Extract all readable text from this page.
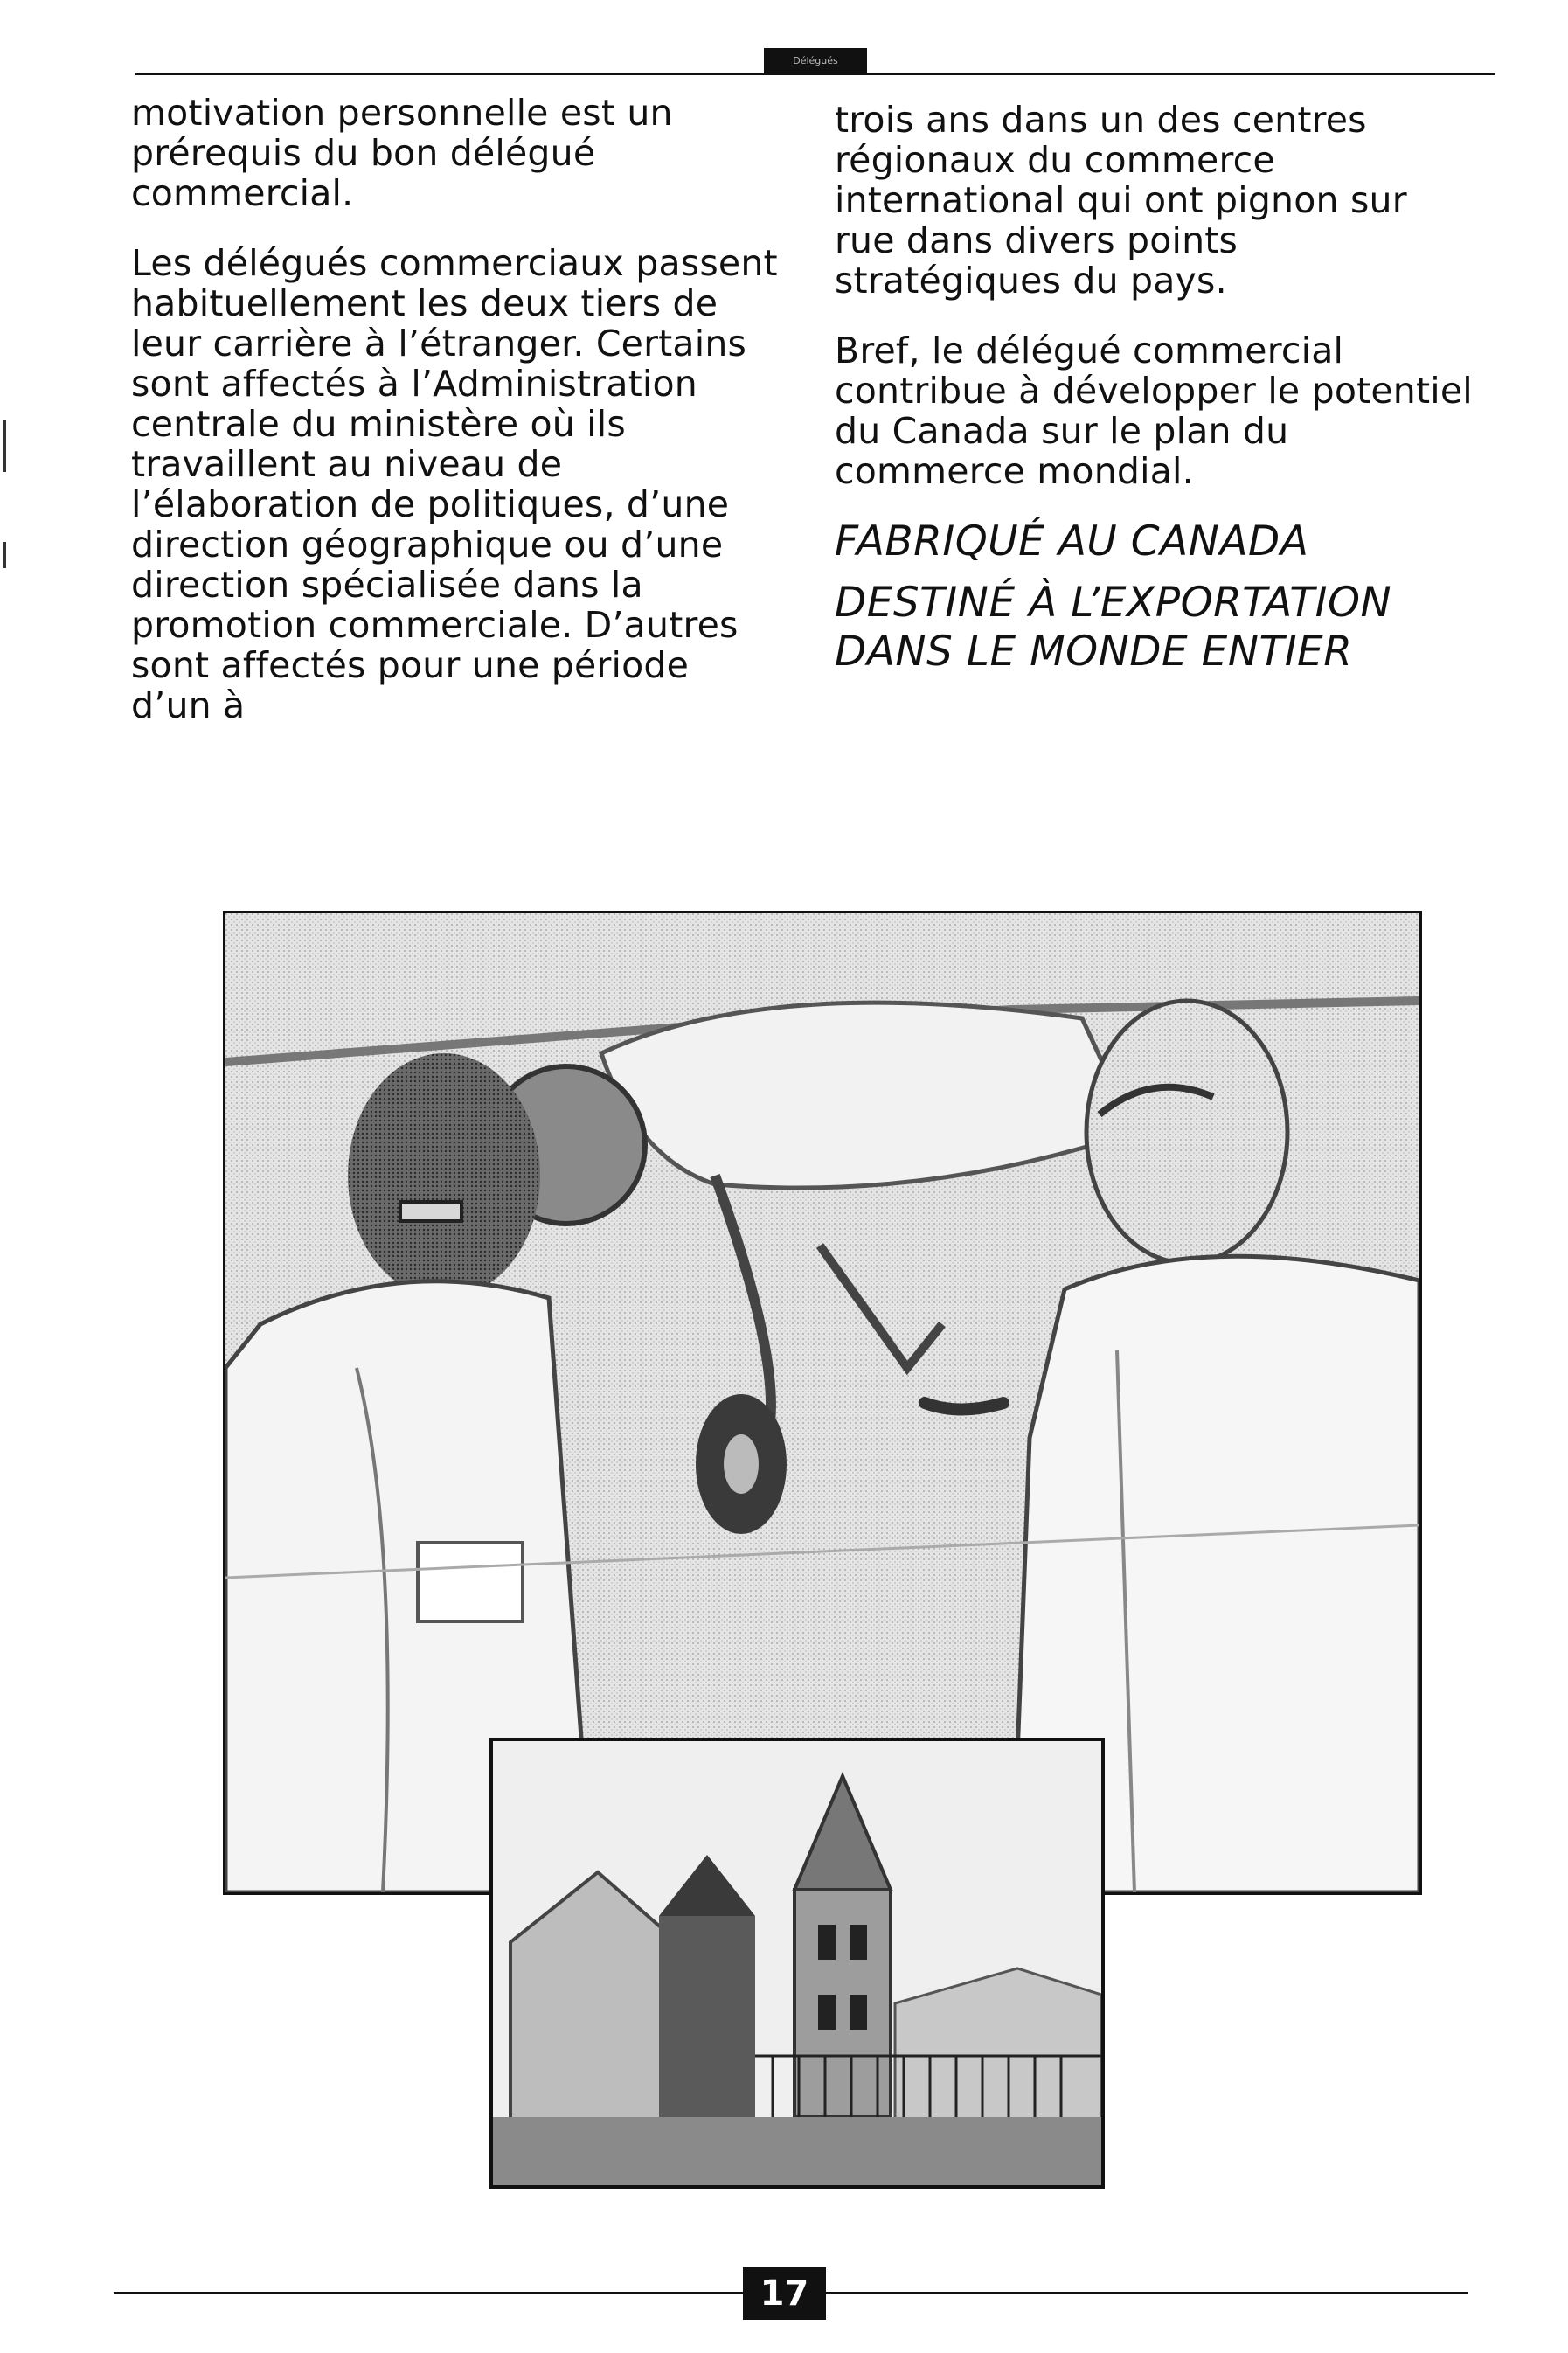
Délégués

motivation personnelle est un prérequis du bon délégué commercial.

Les délégués commerciaux passent habituellement les deux tiers de leur carrière à l’étranger. Certains sont affectés à l’Administration centrale du ministère où ils travaillent au niveau de l’élaboration de politiques, d’une direction géographique ou d’une direction spécialisée dans la promotion commerciale. D’autres sont affectés pour une période d’un à

trois ans dans un des centres régionaux du commerce international qui ont pignon sur rue dans divers points stratégiques du pays.

Bref, le délégué commercial contribue à développer le potentiel du Canada sur le plan du commerce mondial.

FABRIQUÉ AU CANADA
DESTINÉ À L’EXPORTATION
DANS LE MONDE ENTIER
17
